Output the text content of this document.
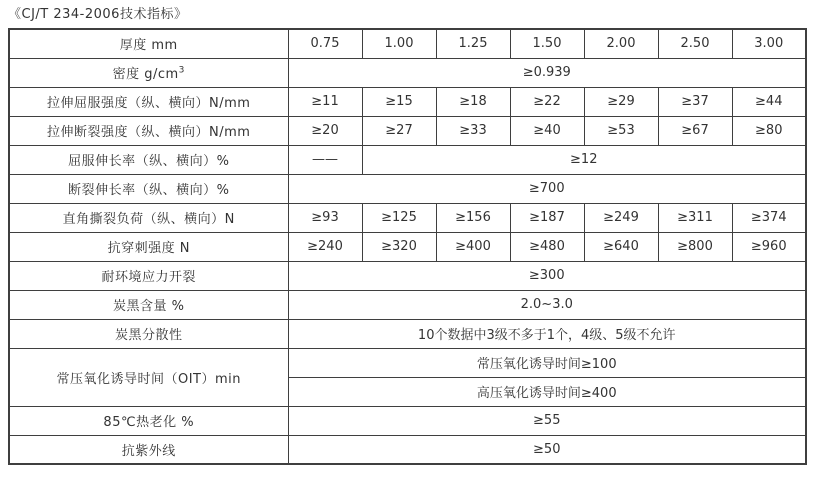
《CJ/T 234-2006技术指标》
厚度 mm	0.75	1.00	1.25	1.50	2.00	2.50	3.00
密度 $g/cm^3$	≥0.939						
拉伸屈服强度（纵、横向）N/mm	≥11	≥15	≥18	≥22	≥29	≥37	≥44
拉伸断裂强度（纵、横向）N/mm	≥20	≥27	≥33	≥40	≥53	≥67	≥80
屈服伸长率（纵、横向）%	——	≥12					
断裂伸长率（纵、横向）%	≥700						
直角撕裂负荷（纵、横向）N	≥93	≥125	≥156	≥187	≥249	≥311	≥374
抗穿刺强度 N	≥240	≥320	≥400	≥480	≥640	≥800	≥960
耐环境应力开裂	≥300						
炭黑含量 %	2.0~3.0						
炭黑分散性	10个数据中3级不多于1个，4级、5级不允许						
常压氧化诱导时间（OIT）min	常压氧化诱导时间≥100						
	高压氧化诱导时间≥400						
85℃热老化 %	≥55						
抗紫外线	≥50						
